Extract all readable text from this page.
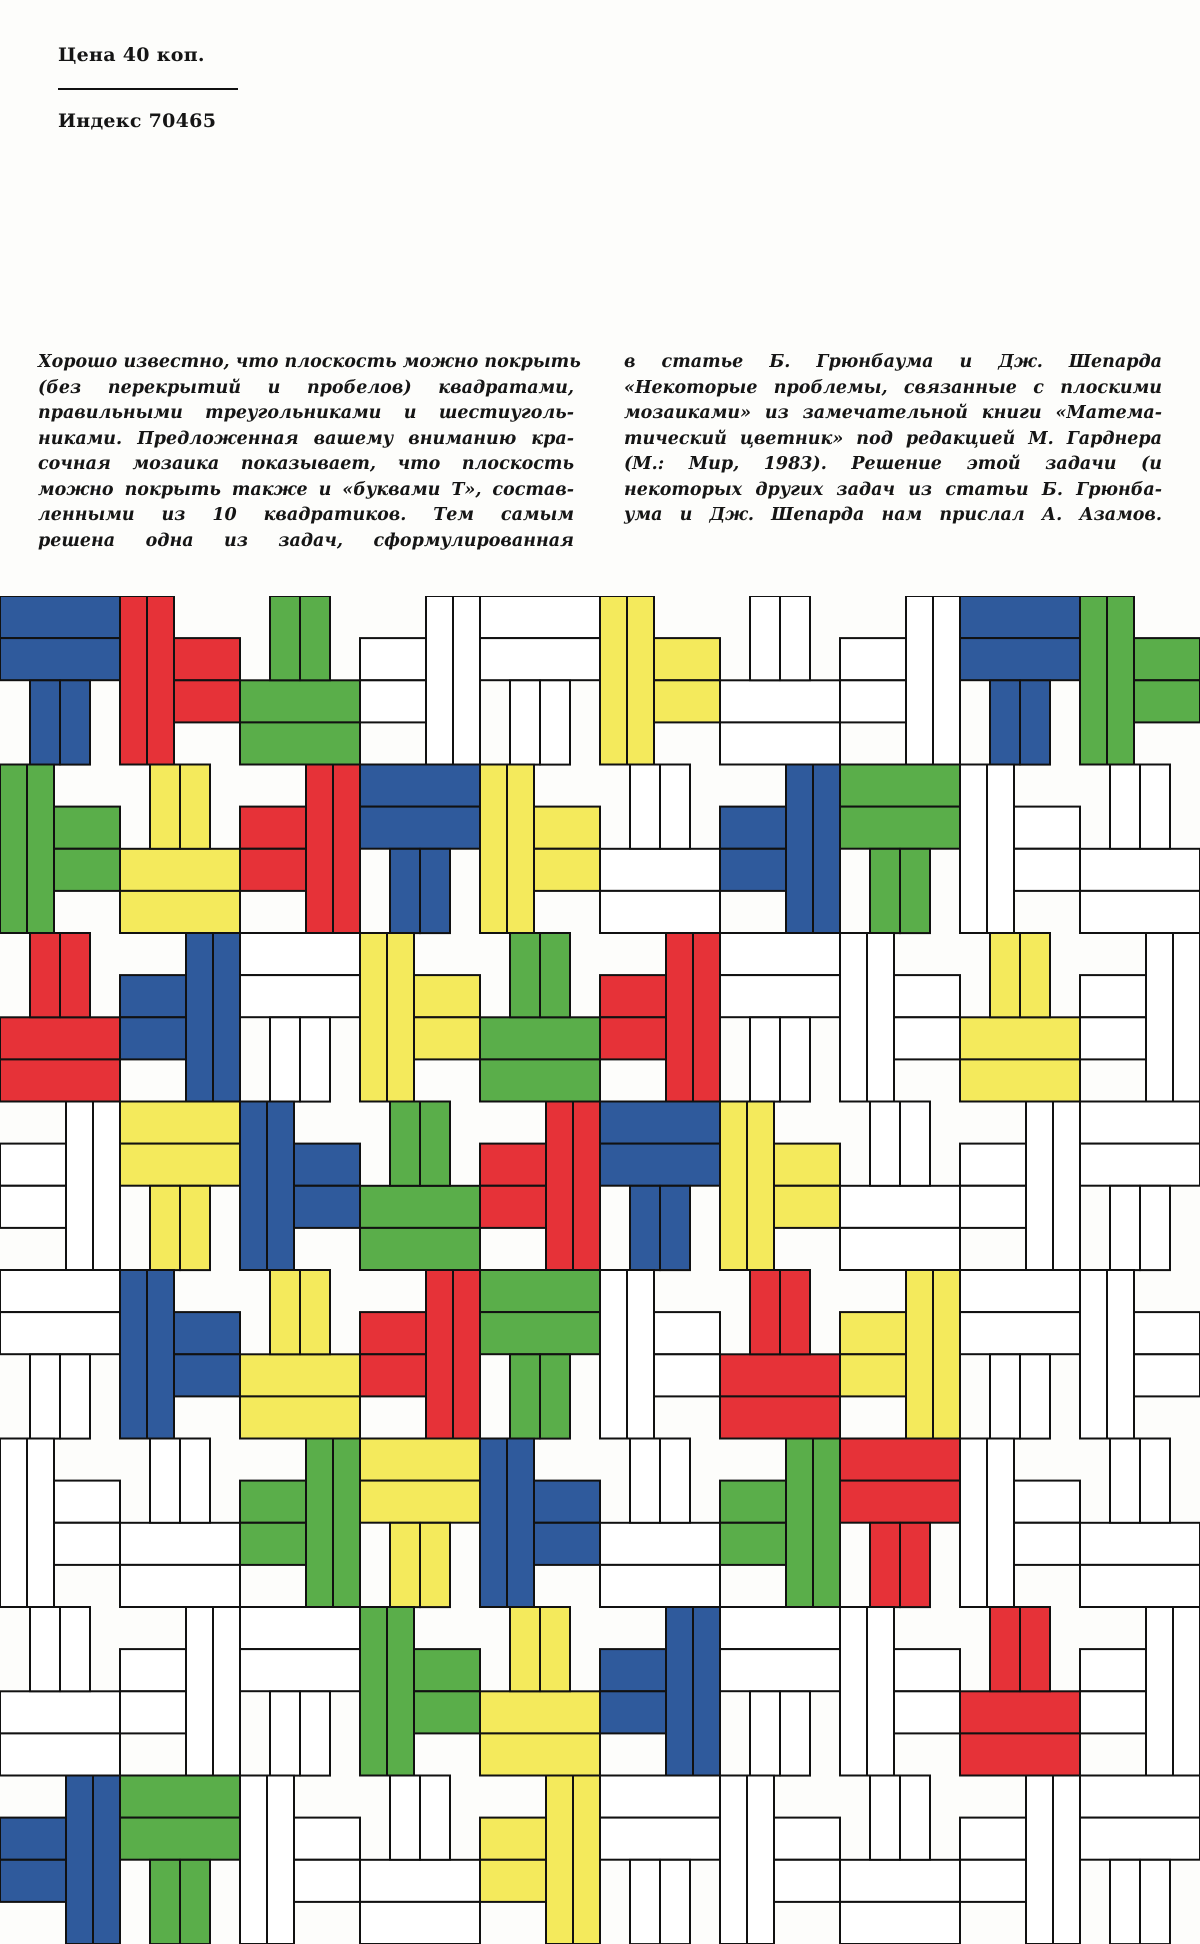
Цена 40 коп.
Индекс 70465
Хорошо известно, что плоскость можно покрыть
(без перекрытий и пробелов) квадратами,
правильными треугольниками и шестиуголь-
никами. Предложенная вашему вниманию кра-
сочная мозаика показывает, что плоскость
можно покрыть также и «буквами Т», состав-
ленными из 10 квадратиков. Тем самым
решена одна из задач, сформулированная
в статье Б. Грюнбаума и Дж. Шепарда
«Некоторые проблемы, связанные с плоскими
мозаиками» из замечательной книги «Матема-
тический цветник» под редакцией М. Гарднера
(М.: Мир, 1983). Решение этой задачи (и
некоторых других задач из статьи Б. Грюнба-
ума и Дж. Шепарда нам прислал А. Азамов.
